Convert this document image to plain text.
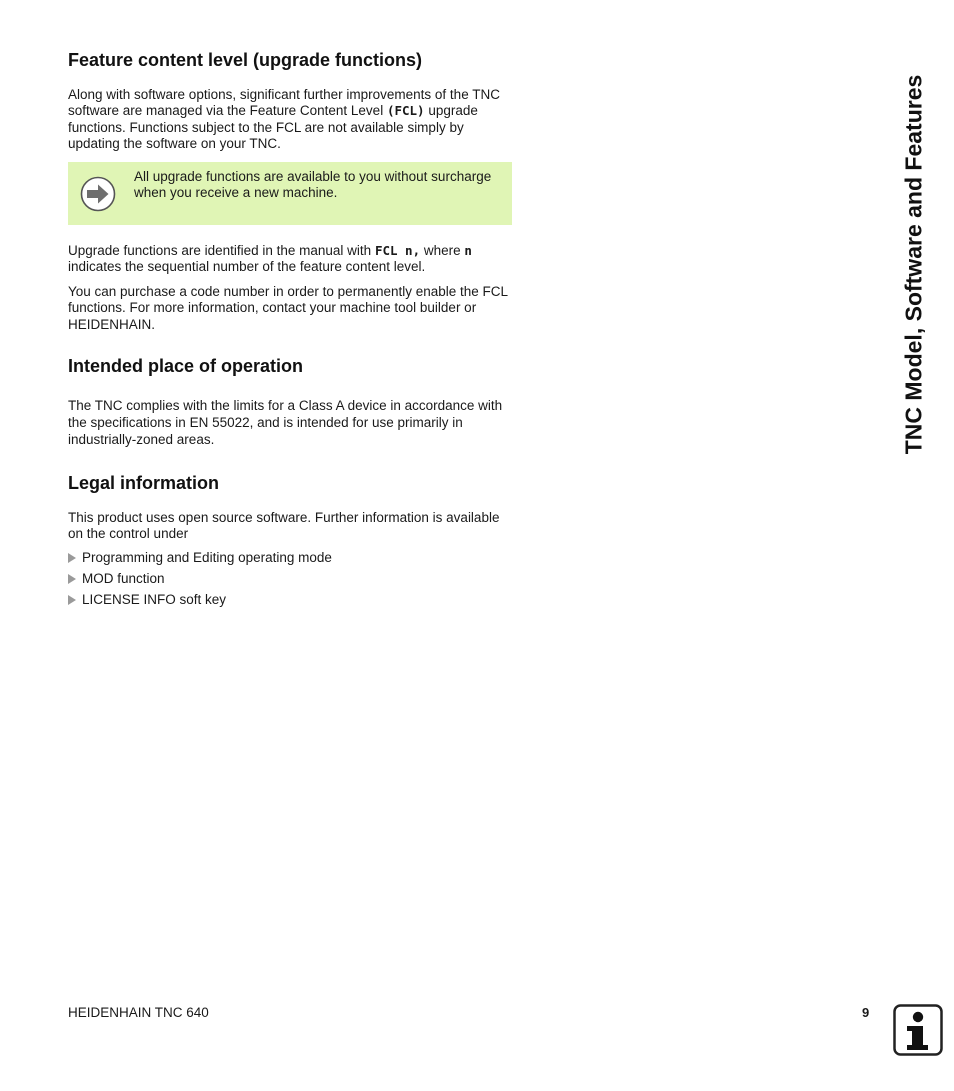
Feature content level (upgrade functions)

Along with software options, significant further improvements of the TNC software are managed via the Feature Content Level (FCL) upgrade functions. Functions subject to the FCL are not available simply by updating the software on your TNC.

All upgrade functions are available to you without surcharge when you receive a new machine.

Upgrade functions are identified in the manual with FCL n, where n indicates the sequential number of the feature content level.

You can purchase a code number in order to permanently enable the FCL functions. For more information, contact your machine tool builder or HEIDENHAIN.

Intended place of operation

The TNC complies with the limits for a Class A device in accordance with the specifications in EN 55022, and is intended for use primarily in industrially-zoned areas.

Legal information

This product uses open source software. Further information is available on the control under

Programming and Editing operating mode
MOD function
LICENSE INFO soft key
TNC Model, Software and Features
HEIDENHAIN TNC 640	9
